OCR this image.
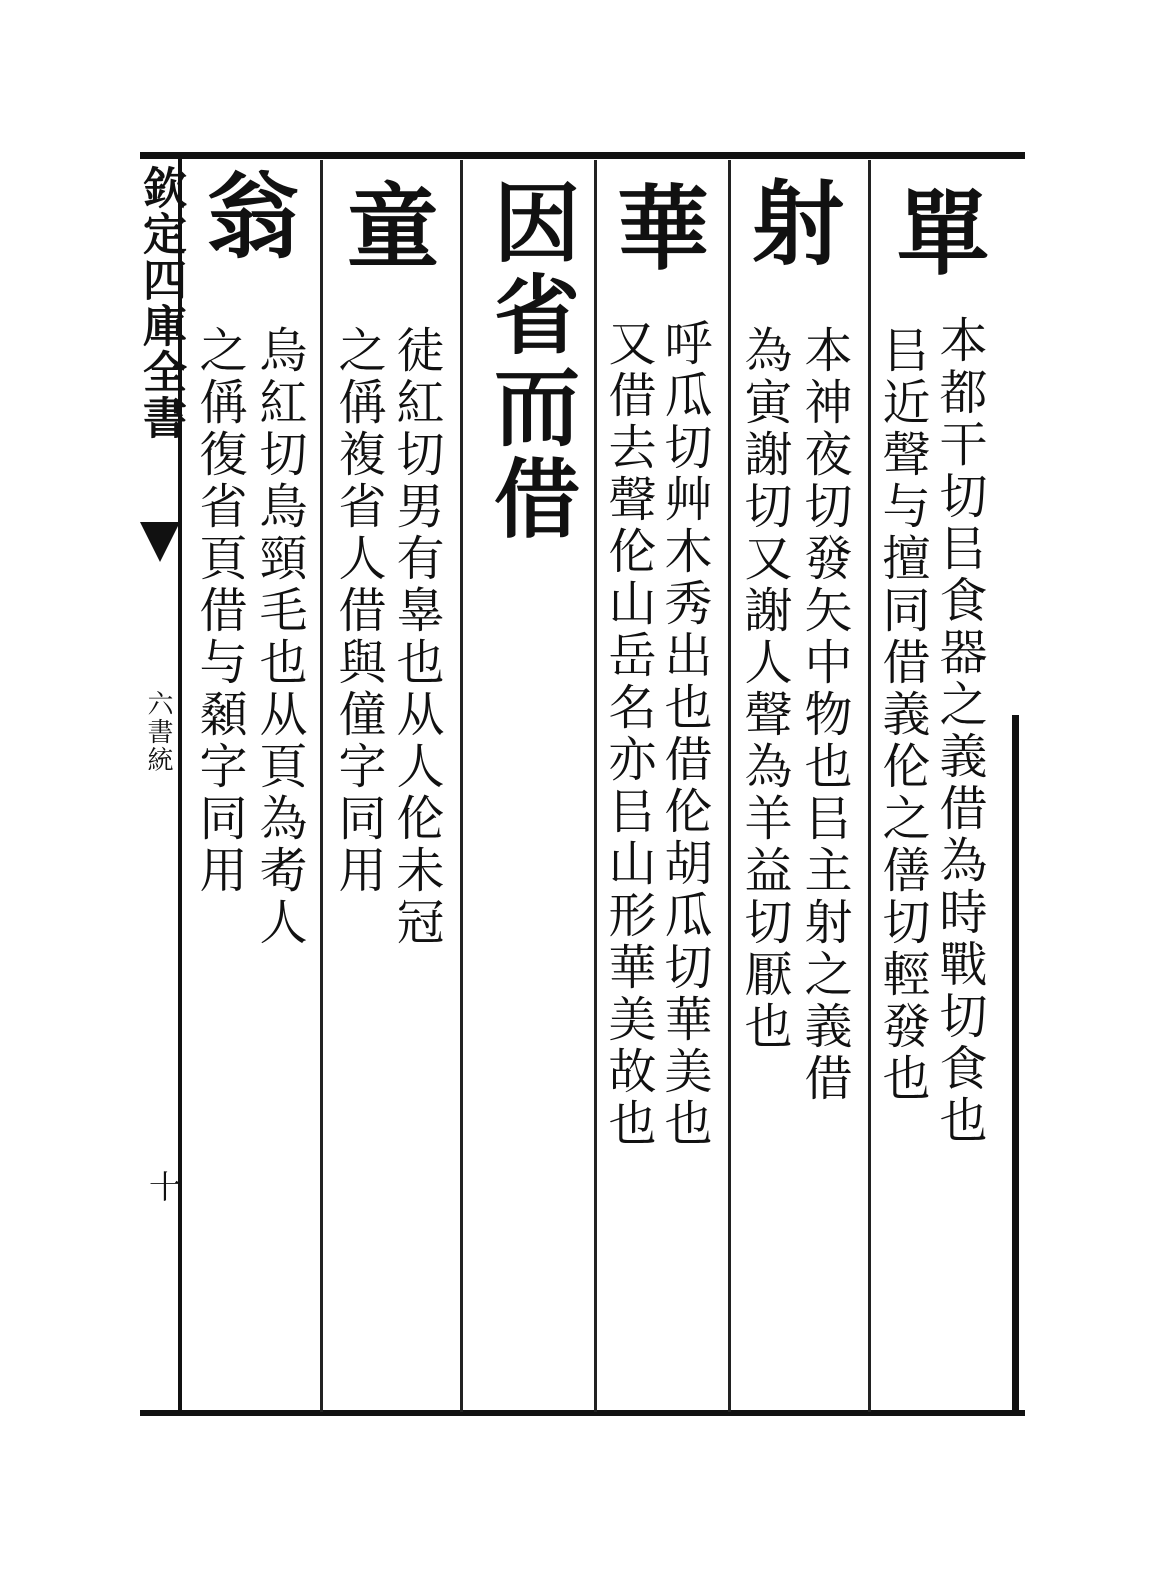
欽定四庫全書
六書統
十
單
本都干切㠯食器之義借為時戰切食也
㠯近聲与擅同借義伦之僐切輕發也
射
本神夜切發矢中物也㠯主射之義借
為寅謝切又謝人聲為羊益切厭也
華
呼瓜切艸木秀出也借伦胡瓜切華美也
又借去聲伦山岳名亦㠯山形華美故也
因省而借
童
徒紅切男有辠也从人伦未冠
之偁複省人借與僮字同用
翁
烏紅切鳥頸毛也从頁為耇人
之偁復省頁借与顙字同用
